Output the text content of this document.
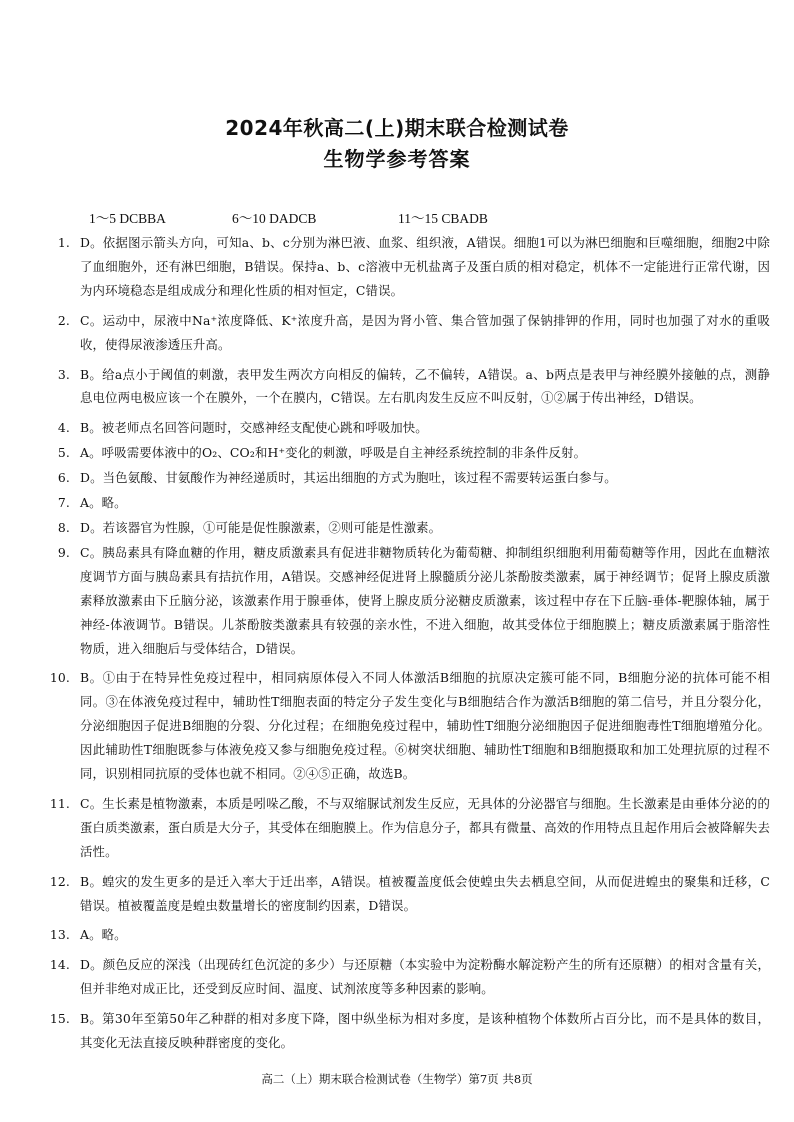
2024年秋高二(上)期末联合检测试卷
生物学参考答案
1～5 DCBBA	6～10 DADCB	11～15 CBADB
1. D。依据图示箭头方向，可知a、b、c分别为淋巴液、血浆、组织液，A错误。细胞1可以为淋巴细胞和巨噬细胞，细胞2中除了血细胞外，还有淋巴细胞，B错误。保持a、b、c溶液中无机盐离子及蛋白质的相对稳定，机体不一定能进行正常代谢，因为内环境稳态是组成成分和理化性质的相对恒定，C错误。

2. C。运动中，尿液中Na⁺浓度降低、K⁺浓度升高，是因为肾小管、集合管加强了保钠排钾的作用，同时也加强了对水的重吸收，使得尿液渗透压升高。

3. B。给a点小于阈值的刺激，表甲发生两次方向相反的偏转，乙不偏转，A错误。a、b两点是表甲与神经膜外接触的点，测静息电位两电极应该一个在膜外，一个在膜内，C错误。左右肌肉发生反应不叫反射，①②属于传出神经，D错误。

4. B。被老师点名回答问题时，交感神经支配使心跳和呼吸加快。

5. A。呼吸需要体液中的O₂、CO₂和H⁺变化的刺激，呼吸是自主神经系统控制的非条件反射。

6. D。当色氨酸、甘氨酸作为神经递质时，其运出细胞的方式为胞吐，该过程不需要转运蛋白参与。

7. A。略。

8. D。若该器官为性腺，①可能是促性腺激素，②则可能是性激素。

9. C。胰岛素具有降血糖的作用，糖皮质激素具有促进非糖物质转化为葡萄糖、抑制组织细胞利用葡萄糖等作用，因此在血糖浓度调节方面与胰岛素具有拮抗作用，A错误。交感神经促进肾上腺髓质分泌儿茶酚胺类激素，属于神经调节；促肾上腺皮质激素释放激素由下丘脑分泌，该激素作用于腺垂体，使肾上腺皮质分泌糖皮质激素，该过程中存在下丘脑-垂体-靶腺体轴，属于神经-体液调节。B错误。儿茶酚胺类激素具有较强的亲水性，不进入细胞，故其受体位于细胞膜上；糖皮质激素属于脂溶性物质，进入细胞后与受体结合，D错误。

10. B。①由于在特异性免疫过程中，相同病原体侵入不同人体激活B细胞的抗原决定簇可能不同，B细胞分泌的抗体可能不相同。③在体液免疫过程中，辅助性T细胞表面的特定分子发生变化与B细胞结合作为激活B细胞的第二信号，并且分裂分化，分泌细胞因子促进B细胞的分裂、分化过程；在细胞免疫过程中，辅助性T细胞分泌细胞因子促进细胞毒性T细胞增殖分化。因此辅助性T细胞既参与体液免疫又参与细胞免疫过程。⑥树突状细胞、辅助性T细胞和B细胞摄取和加工处理抗原的过程不同，识别相同抗原的受体也就不相同。②④⑤正确，故选B。

11. C。生长素是植物激素，本质是吲哚乙酸，不与双缩脲试剂发生反应，无具体的分泌器官与细胞。生长激素是由垂体分泌的的蛋白质类激素，蛋白质是大分子，其受体在细胞膜上。作为信息分子，都具有微量、高效的作用特点且起作用后会被降解失去活性。

12. B。蝗灾的发生更多的是迁入率大于迁出率，A错误。植被覆盖度低会使蝗虫失去栖息空间，从而促进蝗虫的聚集和迁移，C错误。植被覆盖度是蝗虫数量增长的密度制约因素，D错误。

13. A。略。

14. D。颜色反应的深浅（出现砖红色沉淀的多少）与还原糖（本实验中为淀粉酶水解淀粉产生的所有还原糖）的相对含量有关，但并非绝对成正比，还受到反应时间、温度、试剂浓度等多种因素的影响。

15. B。第30年至第50年乙种群的相对多度下降，图中纵坐标为相对多度，是该种植物个体数所占百分比，而不是具体的数目，其变化无法直接反映种群密度的变化。

高二（上）期末联合检测试卷（生物学）第7页 共8页
